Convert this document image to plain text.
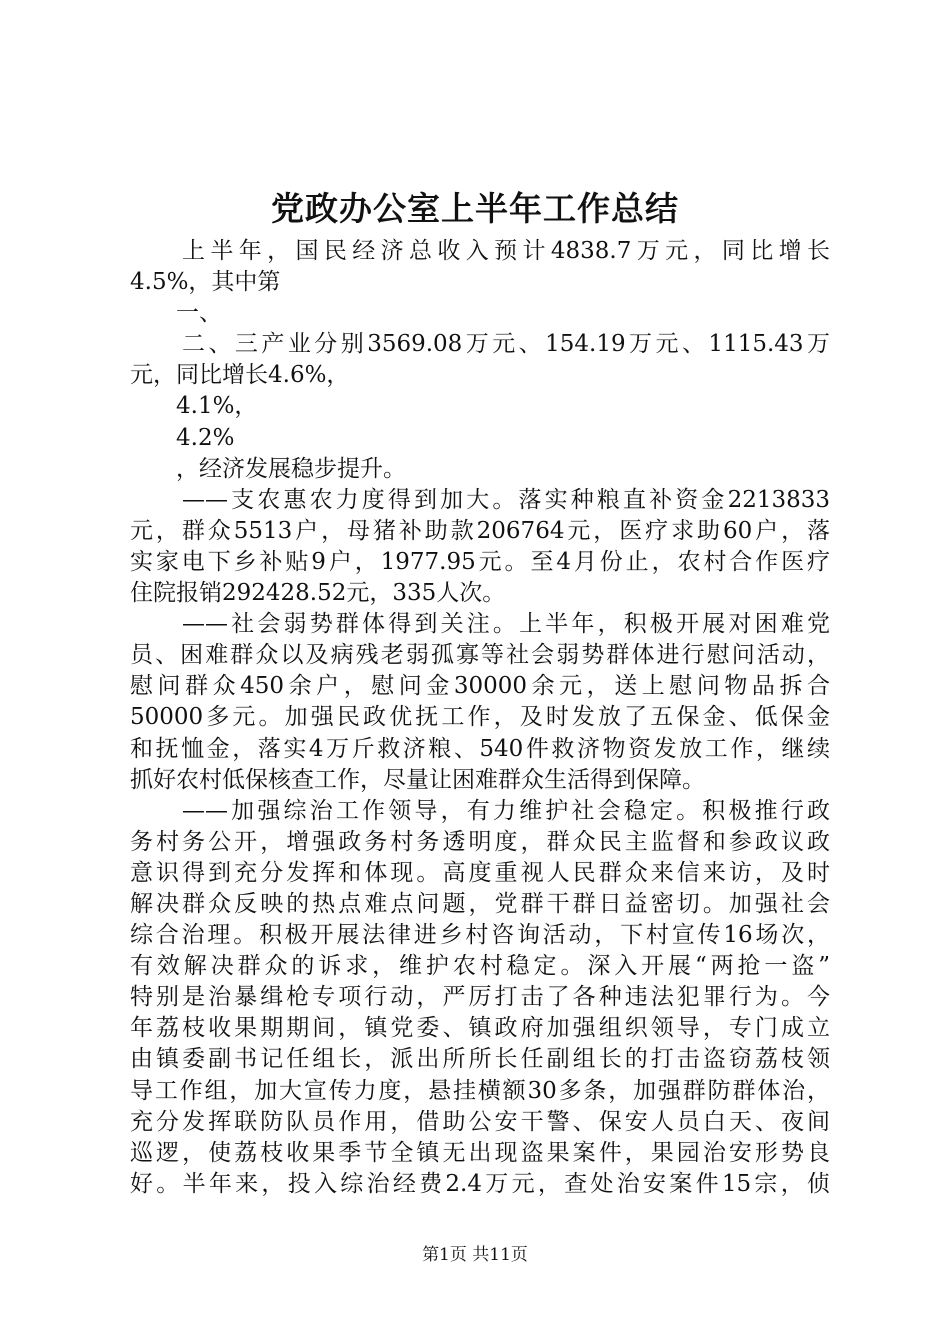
党政办公室上半年工作总结
上半年，国民经济总收入预计4838.7万元，同比增长
4.5%，其中第
一、
二、三产业分别3569.08万元、154.19万元、1115.43万
元，同比增长4.6%，
4.1%，
4.2%
，经济发展稳步提升。
——支农惠农力度得到加大。落实种粮直补资金2213833
元，群众5513户，母猪补助款206764元，医疗求助60户，落
实家电下乡补贴9户，1977.95元。至4月份止，农村合作医疗
住院报销292428.52元，335人次。
——社会弱势群体得到关注。上半年，积极开展对困难党
员、困难群众以及病残老弱孤寡等社会弱势群体进行慰问活动，
慰问群众450余户，慰问金30000余元，送上慰问物品拆合
50000多元。加强民政优抚工作，及时发放了五保金、低保金
和抚恤金，落实4万斤救济粮、540件救济物资发放工作，继续
抓好农村低保核查工作，尽量让困难群众生活得到保障。
——加强综治工作领导，有力维护社会稳定。积极推行政
务村务公开，增强政务村务透明度，群众民主监督和参政议政
意识得到充分发挥和体现。高度重视人民群众来信来访，及时
解决群众反映的热点难点问题，党群干群日益密切。加强社会
综合治理。积极开展法律进乡村咨询活动，下村宣传16场次，
有效解决群众的诉求，维护农村稳定。深入开展“两抢一盗”
特别是治暴缉枪专项行动，严厉打击了各种违法犯罪行为。今
年荔枝收果期期间，镇党委、镇政府加强组织领导，专门成立
由镇委副书记任组长，派出所所长任副组长的打击盗窃荔枝领
导工作组，加大宣传力度，悬挂横额30多条，加强群防群体治，
充分发挥联防队员作用，借助公安干警、保安人员白天、夜间
巡逻，使荔枝收果季节全镇无出现盗果案件，果园治安形势良
好。半年来，投入综治经费2.4万元，查处治安案件15宗，侦
第1页 共11页
